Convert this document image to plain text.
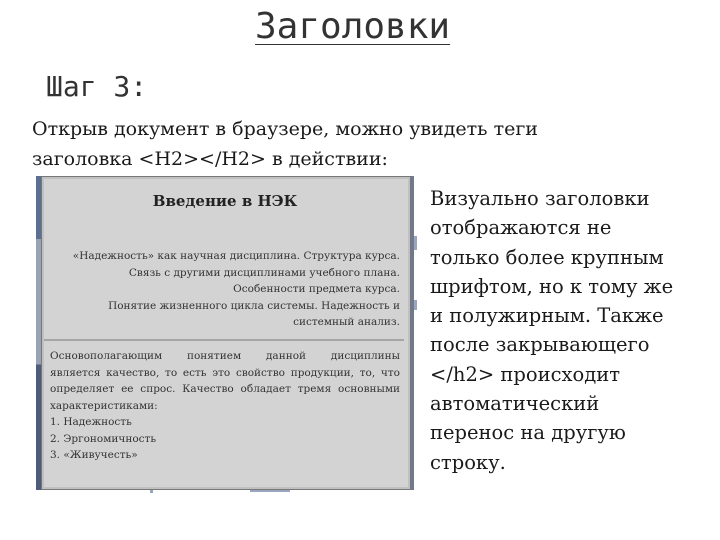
Заголовки
Шаг 3:

Открыв документ в браузере, можно увидеть теги

заголовка <H2></H2> в действии:

Введение в НЭК
«Надежность» как научная дисциплина. Структура курса.
Связь с другими дисциплинами учебного плана.
Особенности предмета курса.
Понятие жизненного цикла системы. Надежность и
системный анализ.
Основополагающим понятием данной дисциплины
является качество, то есть это свойство продукции, то, что
определяет ее спрос. Качество обладает тремя основными
характеристиками:
1. Надежность
2. Эргономичность
3. «Живучесть»
Визуально заголовки
отображаются не
только более крупным
шрифтом, но к тому же
и полужирным. Также
после закрывающего
</h2> происходит
автоматический
перенос на другую
строку.
